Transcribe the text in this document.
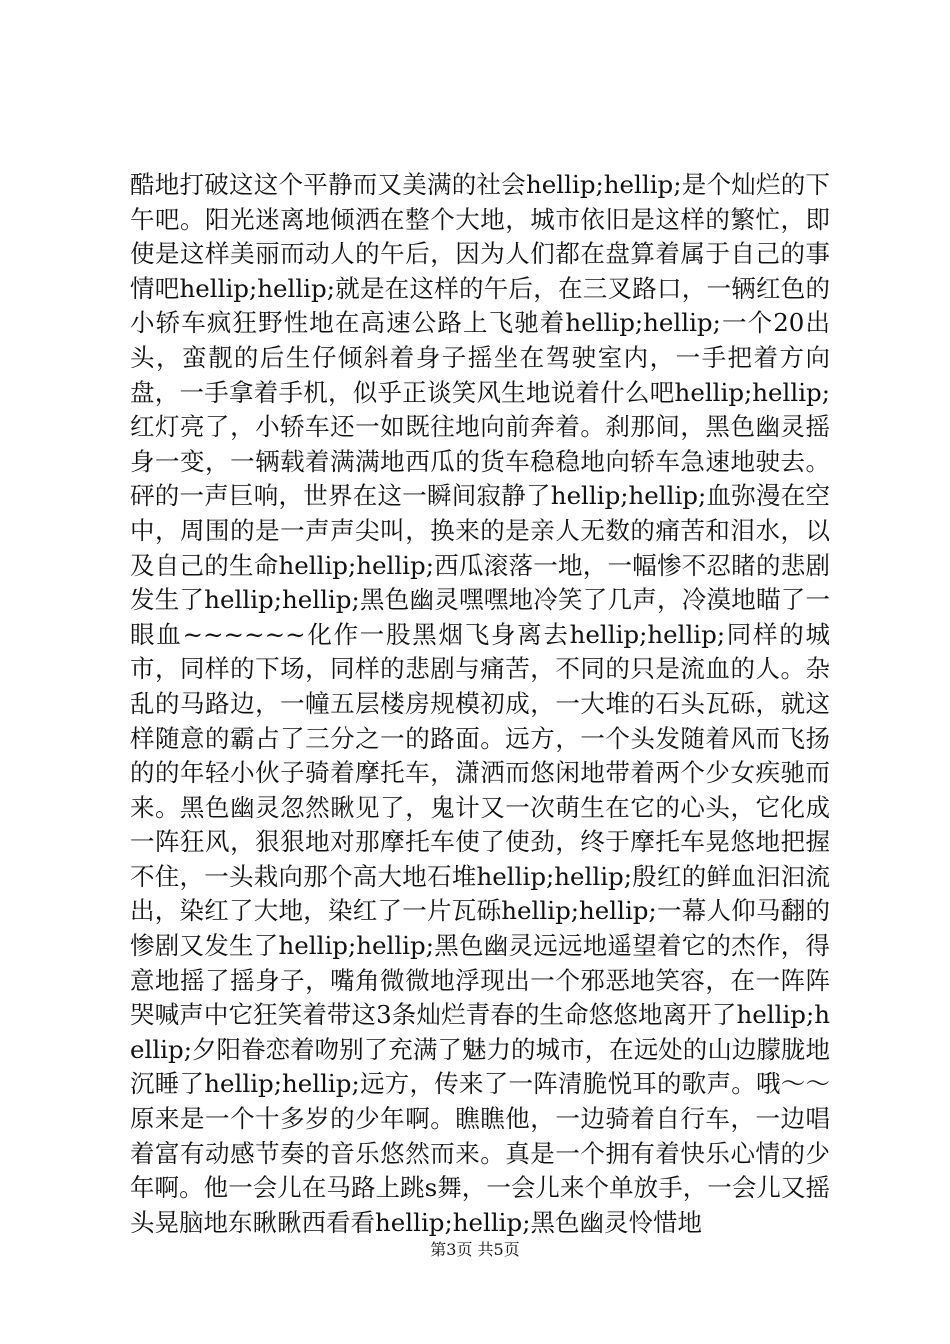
酷地打破这这个平静而又美满的社会hellip;hellip;是个灿烂的下午吧。阳光迷离地倾洒在整个大地，城市依旧是这样的繁忙，即使是这样美丽而动人的午后，因为人们都在盘算着属于自己的事情吧hellip;hellip;就是在这样的午后，在三叉路口，一辆红色的小轿车疯狂野性地在高速公路上飞驰着hellip;hellip;一个20出头，蛮靓的后生仔倾斜着身子摇坐在驾驶室内，一手把着方向盘，一手拿着手机，似乎正谈笑风生地说着什么吧hellip;hellip;红灯亮了，小轿车还一如既往地向前奔着。刹那间，黑色幽灵摇身一变，一辆载着满满地西瓜的货车稳稳地向轿车急速地驶去。砰的一声巨响，世界在这一瞬间寂静了hellip;hellip;血弥漫在空中，周围的是一声声尖叫，换来的是亲人无数的痛苦和泪水，以及自己的生命hellip;hellip;西瓜滚落一地，一幅惨不忍睹的悲剧发生了hellip;hellip;黑色幽灵嘿嘿地冷笑了几声，冷漠地瞄了一眼血~~~~~~化作一股黑烟飞身离去hellip;hellip;同样的城市，同样的下场，同样的悲剧与痛苦，不同的只是流血的人。杂乱的马路边，一幢五层楼房规模初成，一大堆的石头瓦砾，就这样随意的霸占了三分之一的路面。远方，一个头发随着风而飞扬的的年轻小伙子骑着摩托车，潇洒而悠闲地带着两个少女疾驰而来。黑色幽灵忽然瞅见了，鬼计又一次萌生在它的心头，它化成一阵狂风，狠狠地对那摩托车使了使劲，终于摩托车晃悠地把握不住，一头栽向那个高大地石堆hellip;hellip;殷红的鲜血汩汩流出，染红了大地，染红了一片瓦砾hellip;hellip;一幕人仰马翻的惨剧又发生了hellip;hellip;黑色幽灵远远地遥望着它的杰作，得意地摇了摇身子，嘴角微微地浮现出一个邪恶地笑容，在一阵阵哭喊声中它狂笑着带这3条灿烂青春的生命悠悠地离开了hellip;hellip;夕阳眷恋着吻别了充满了魅力的城市，在远处的山边朦胧地沉睡了hellip;hellip;远方，传来了一阵清脆悦耳的歌声。哦～～原来是一个十多岁的少年啊。瞧瞧他，一边骑着自行车，一边唱着富有动感节奏的音乐悠然而来。真是一个拥有着快乐心情的少年啊。他一会儿在马路上跳s舞，一会儿来个单放手，一会儿又摇头晃脑地东瞅瞅西看看hellip;hellip;黑色幽灵怜惜地

第3页 共5页
